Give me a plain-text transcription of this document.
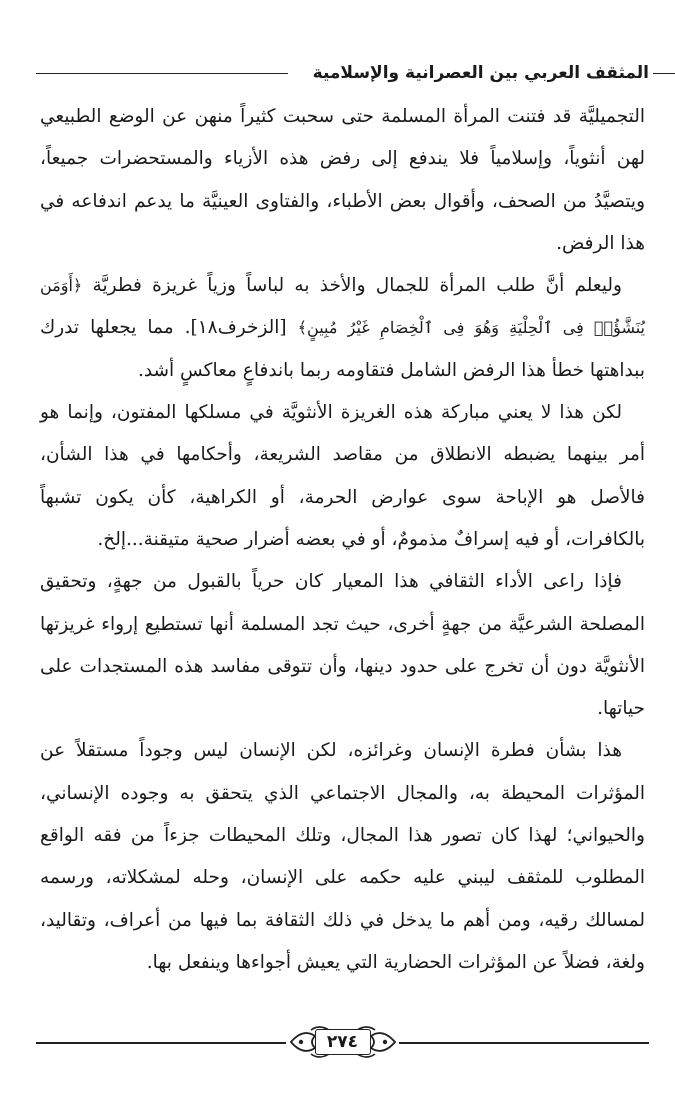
المثقف العربي بين العصرانية والإسلامية

التجميليَّة قد فتنت المرأة المسلمة حتى سحبت كثيراً منهن عن الوضع الطبيعي لهن أنثوياً، وإسلامياً فلا يندفع إلى رفض هذه الأزياء والمستحضرات جميعاً، ويتصيَّدُ من الصحف، وأقوال بعض الأطباء، والفتاوى العينيَّة ما يدعم اندفاعه في هذا الرفض.

وليعلم أنَّ طلب المرأة للجمال والأخذ به لباساً وزياً غريزة فطريَّة ﴿أَوَمَن يُنَشَّؤُا۟ فِى ٱلْحِلْيَةِ وَهُوَ فِى ٱلْخِصَامِ غَيْرُ مُبِينٍ﴾ [الزخرف١٨]. مما يجعلها تدرك ببداهتها خطأ هذا الرفض الشامل فتقاومه ربما باندفاعٍ معاكسٍ أشد.

لكن هذا لا يعني مباركة هذه الغريزة الأنثويَّة في مسلكها المفتون، وإنما هو أمر بينهما يضبطه الانطلاق من مقاصد الشريعة، وأحكامها في هذا الشأن، فالأصل هو الإباحة سوى عوارض الحرمة، أو الكراهية، كأن يكون تشبهاً بالكافرات، أو فيه إسرافٌ مذمومٌ، أو في بعضه أضرار صحية متيقنة...إلخ.

فإذا راعى الأداء الثقافي هذا المعيار كان حرياً بالقبول من جهةٍ، وتحقيق المصلحة الشرعيَّة من جهةٍ أخرى، حيث تجد المسلمة أنها تستطيع إرواء غريزتها الأنثويَّة دون أن تخرج على حدود دينها، وأن تتوقى مفاسد هذه المستجدات على حياتها.

هذا بشأن فطرة الإنسان وغرائزه، لكن الإنسان ليس وجوداً مستقلاً عن المؤثرات المحيطة به، والمجال الاجتماعي الذي يتحقق به وجوده الإنساني، والحيواني؛ لهذا كان تصور هذا المجال، وتلك المحيطات جزءاً من فقه الواقع المطلوب للمثقف ليبني عليه حكمه على الإنسان، وحله لمشكلاته، ورسمه لمسالك رقيه، ومن أهم ما يدخل في ذلك الثقافة بما فيها من أعراف، وتقاليد، ولغة، فضلاً عن المؤثرات الحضارية التي يعيش أجواءها وينفعل بها.

٢٧٤
